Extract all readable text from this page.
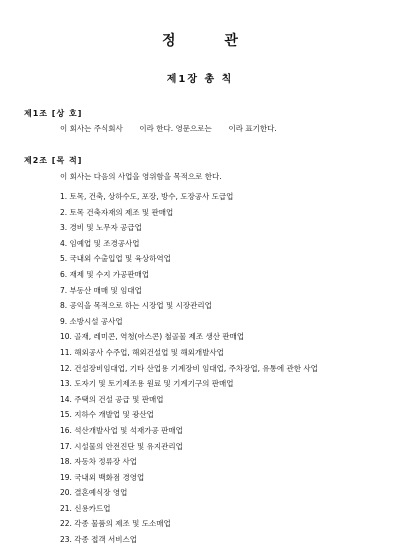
정 관
제1장 총 칙
제1조 [상 호]
이 회사는 주식회사       이라 한다. 영문으로는       이라 표기한다.
제2조 [목 적]
이 회사는 다음의 사업을 영위함을 목적으로 한다.
1. 토목, 건축, 상하수도, 포장, 방수, 도장공사 도급업
2. 토목 건축자재의 제조 및 판매업
3. 경비 및 노무자 공급업
4. 임예업 및 조경공사업
5. 국내외 수출입업 및 육상하역업
6. 재제 및 수지 가공판매업
7. 부동산 매매 및 임대업
8. 공익을 목적으로 하는 시장업 및 시장관리업
9. 소방시설 공사업
10. 골재, 레미콘, 역청(아스콘) 철골물 제조 생산 판매업
11. 해외공사 수주업, 해외건설업 및 해외개발사업
12. 건설장비임대업, 기타 산업용 기계장비 임대업, 주차장업, 유통에 관한 사업
13. 도자기 및 토기제조용 원료 및 기계기구의 판매업
14. 주택의 건설 공급 및 판매업
15. 지하수 개발업 및 광산업
16. 석산개발사업 및 석재가공 판매업
17. 시설물의 안전진단 및 유지관리업
18. 자동차 정류장 사업
19. 국내외 백화점 경영업
20. 결혼예식장 영업
21. 신용카드업
22. 각종 물품의 제조 및 도소매업
23. 각종 접객 서비스업
